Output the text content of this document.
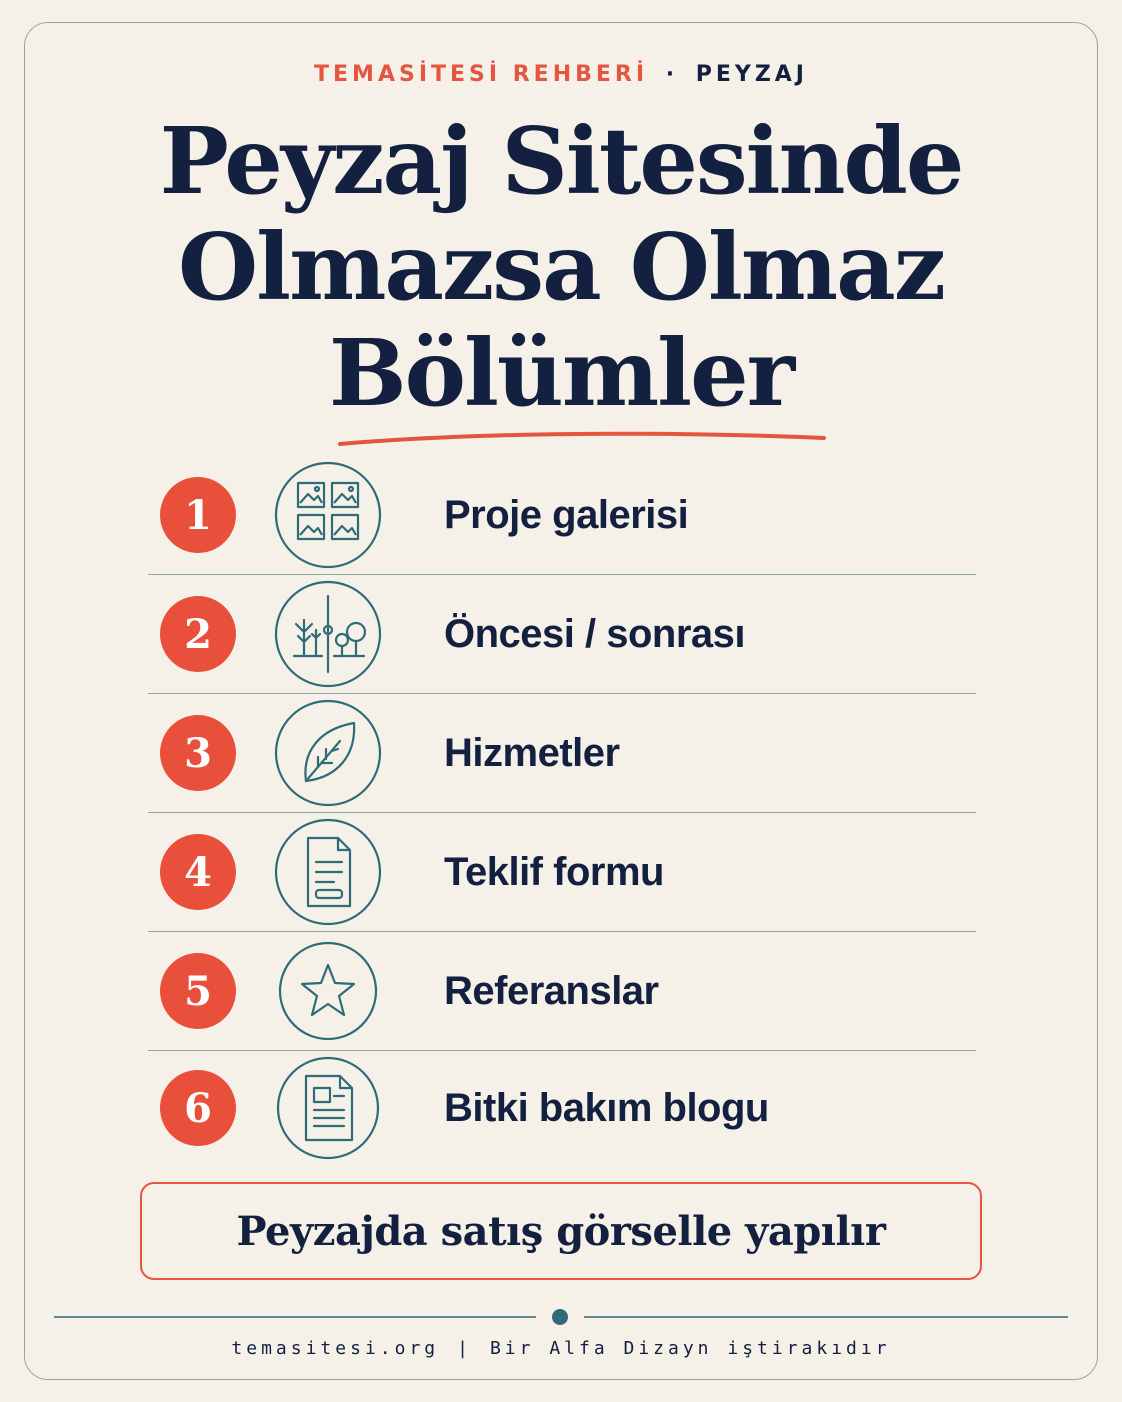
TEMASİTESİ REHBERİ · PEYZAJ
Peyzaj Sitesinde
Olmazsa Olmaz
Bölümler
1	Proje galerisi
2	Öncesi / sonrası
3	Hizmetler
4	Teklif formu
5	Referanslar
6	Bitki bakım blogu
Peyzajda satış görselle yapılır
temasitesi.org | Bir Alfa Dizayn iştirakıdır
